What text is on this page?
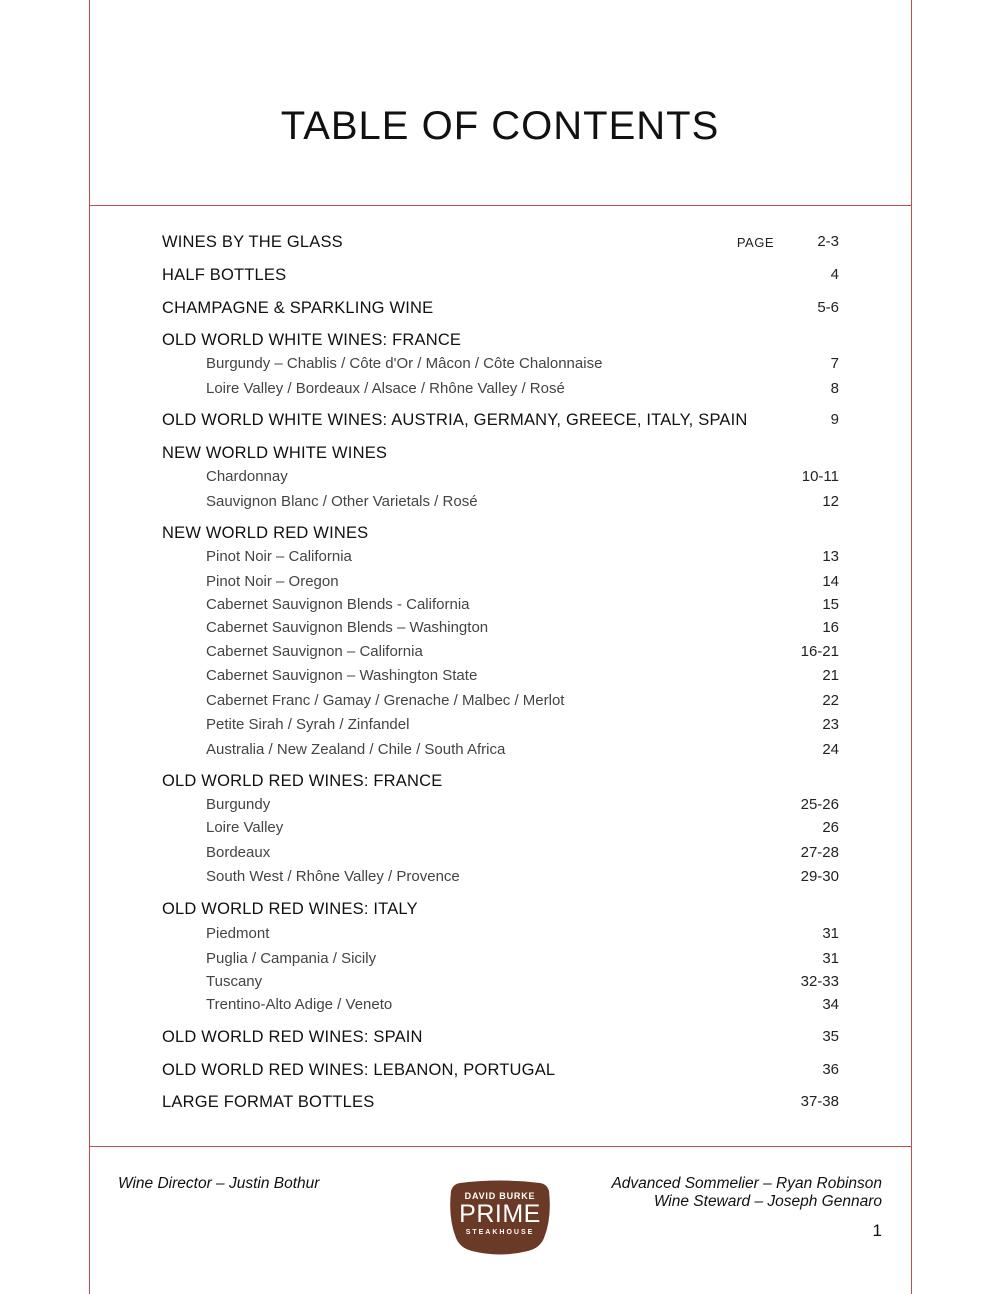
TABLE OF CONTENTS
WINES BY THE GLASS	PAGE	2-3
HALF BOTTLES	4
CHAMPAGNE & SPARKLING WINE	5-6
OLD WORLD WHITE WINES: FRANCE
Burgundy – Chablis / Côte d'Or / Mâcon / Côte Chalonnaise	7
Loire Valley / Bordeaux / Alsace / Rhône Valley / Rosé	8
OLD WORLD WHITE WINES: AUSTRIA, GERMANY, GREECE, ITALY, SPAIN	9
NEW WORLD WHITE WINES
Chardonnay	10-11
Sauvignon Blanc / Other Varietals / Rosé	12
NEW WORLD RED WINES
Pinot Noir – California	13
Pinot Noir – Oregon	14
Cabernet Sauvignon Blends - California	15
Cabernet Sauvignon Blends – Washington	16
Cabernet Sauvignon – California	16-21
Cabernet Sauvignon – Washington State	21
Cabernet Franc / Gamay / Grenache / Malbec / Merlot	22
Petite Sirah / Syrah / Zinfandel	23
Australia / New Zealand / Chile / South Africa	24
OLD WORLD RED WINES: FRANCE
Burgundy	25-26
Loire Valley	26
Bordeaux	27-28
South West / Rhône Valley / Provence	29-30
OLD WORLD RED WINES: ITALY
Piedmont	31
Puglia / Campania / Sicily	31
Tuscany	32-33
Trentino-Alto Adige / Veneto	34
OLD WORLD RED WINES: SPAIN	35
OLD WORLD RED WINES: LEBANON, PORTUGAL	36
LARGE FORMAT BOTTLES	37-38
Wine Director – Justin Bothur	Advanced Sommelier – Ryan Robinson
Wine Steward – Joseph Gennaro
1
DAVID BURKE
PRIME
STEAKHOUSE
